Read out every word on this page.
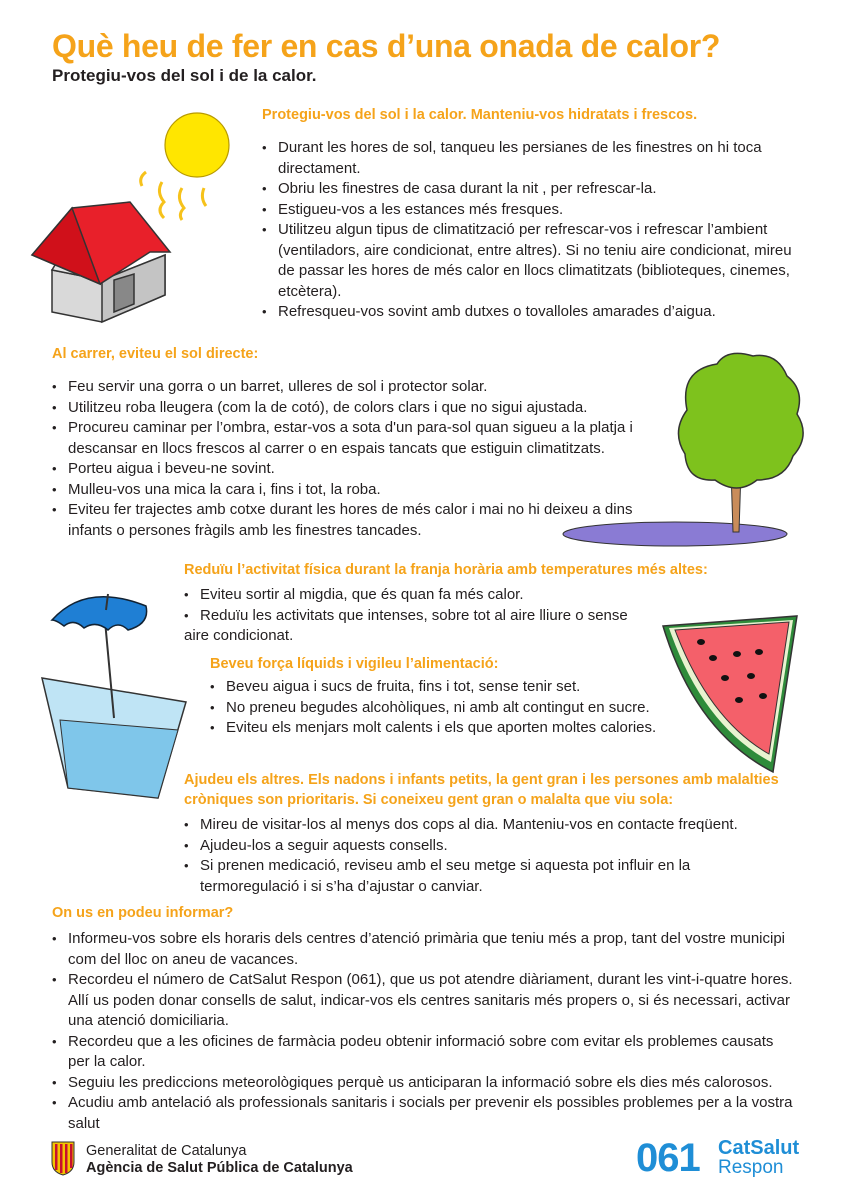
Què heu de fer en cas d’una onada de calor?
Protegiu-vos del sol i de la calor.
Protegiu-vos del sol i la calor. Manteniu-vos hidratats i frescos.
• Durant les hores de sol, tanqueu les persianes de les finestres on hi toca directament.
• Obriu les finestres de casa durant la nit , per refrescar-la.
• Estigueu-vos a les estances més fresques.
• Utilitzeu algun tipus de climatització per refrescar-vos i refrescar l’ambient (ventiladors, aire condicionat, entre altres). Si no teniu aire condicionat, mireu de passar les hores de més calor en llocs climatitzats (biblioteques, cinemes, etcètera).
• Refresqueu-vos sovint amb dutxes o tovalloles amarades d’aigua.
Al carrer, eviteu el sol directe:
• Feu servir una gorra o un barret, ulleres de sol i protector solar.
• Utilitzeu roba lleugera (com la de cotó), de colors clars i que no sigui ajustada.
• Procureu caminar per l’ombra, estar-vos a sota d'un para-sol quan sigueu a la platja i descansar en llocs frescos al carrer o en espais tancats que estiguin climatitzats.
• Porteu aigua i beveu-ne sovint.
• Mulleu-vos una mica la cara i, fins i tot, la roba.
• Eviteu fer trajectes amb cotxe durant les hores de més calor i mai no hi deixeu a dins infants o persones fràgils amb les finestres tancades.
Reduïu l’activitat física durant la franja horària amb temperatures més altes:
• Eviteu sortir al migdia, que és quan fa més calor.
• Reduïu les activitats que intenses, sobre tot al aire lliure o sense
aire condicionat.
Beveu força líquids i vigileu l’alimentació:
• Beveu aigua i sucs de fruita, fins i tot, sense tenir set.
• No preneu begudes alcohòliques, ni amb alt contingut en sucre.
• Eviteu els menjars molt calents i els que aporten moltes calories.
Ajudeu els altres. Els nadons i infants petits, la gent gran i les persones amb malalties cròniques son prioritaris. Si coneixeu gent gran o malalta que viu sola:
• Mireu de visitar-los al menys dos cops al dia. Manteniu-vos en contacte freqüent.
• Ajudeu-los a seguir aquests consells.
• Si prenen medicació, reviseu amb el seu metge si aquesta pot influir en la termoregulació i si s’ha d’ajustar o canviar.
On us en podeu informar?
• Informeu-vos sobre els horaris dels centres d’atenció primària que teniu més a prop, tant del vostre municipi com del lloc on aneu de vacances.
• Recordeu el número de CatSalut Respon (061), que us pot atendre diàriament, durant les vint-i-quatre hores. Allí us poden donar consells de salut, indicar-vos els centres sanitaris més propers o, si és necessari, activar una atenció domiciliaria.
• Recordeu que a les oficines de farmàcia podeu obtenir informació sobre com evitar els problemes causats per la calor.
• Seguiu les prediccions meteorològiques perquè us anticiparan la informació sobre els dies més calorosos.
• Acudiu amb antelació als professionals sanitaris i socials per prevenir els possibles problemes per a la vostra salut
Generalitat de Catalunya
Agència de Salut Pública de Catalunya	061 CatSalut
Respon
